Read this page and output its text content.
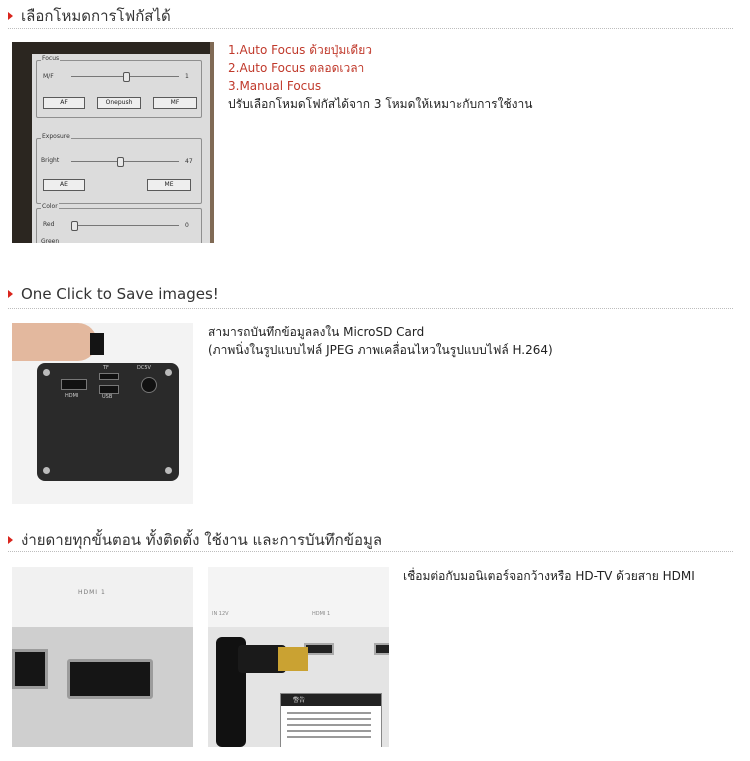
เลือกโหมดการโฟกัสได้
Focus
M/F	1
AF	Onepush	MF
Exposure
Bright	47
AE	ME
Color
Red	0
Green
1.Auto Focus ด้วยปุ่มเดียว
2.Auto Focus ตลอดเวลา
3.Manual Focus
ปรับเลือกโหมดโฟกัสได้จาก 3 โหมดให้เหมาะกับการใช้งาน
One Click to Save images!
HDMI
TF
USB
DC5V
สามารถบันทึกข้อมูลลงใน MicroSD Card
(ภาพนิ่งในรูปแบบไฟล์ JPEG ภาพเคลื่อนไหวในรูปแบบไฟล์ H.264)
ง่ายดายทุกขั้นตอน ทั้งติดตั้ง ใช้งาน และการบันทึกข้อมูล
HDMI 1
IN 12V	HDMI 1
警告
เชื่อมต่อกับมอนิเตอร์จอกว้างหรือ HD-TV ด้วยสาย HDMI
